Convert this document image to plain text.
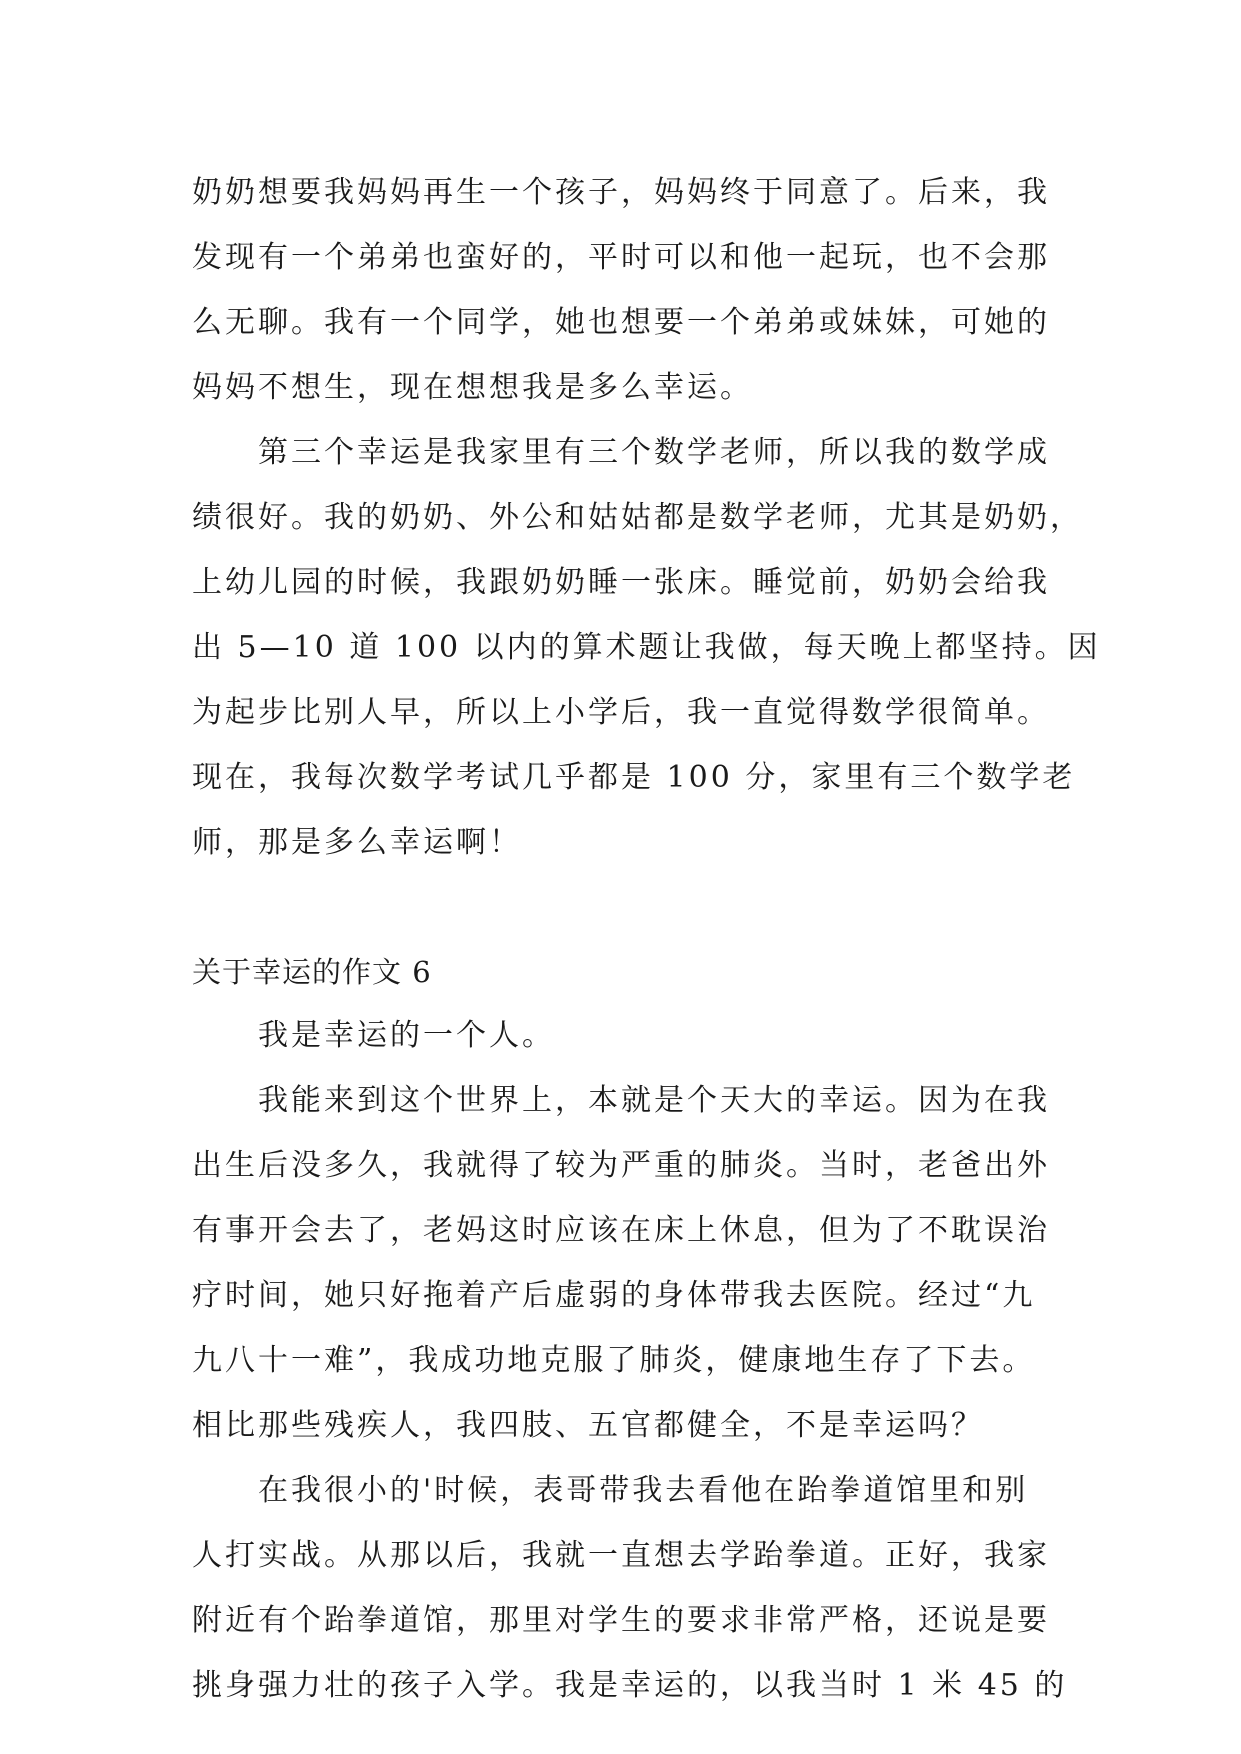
奶奶想要我妈妈再生一个孩子，妈妈终于同意了。后来，我
发现有一个弟弟也蛮好的，平时可以和他一起玩，也不会那
么无聊。我有一个同学，她也想要一个弟弟或妹妹，可她的
妈妈不想生，现在想想我是多么幸运。
第三个幸运是我家里有三个数学老师，所以我的数学成
绩很好。我的奶奶、外公和姑姑都是数学老师，尤其是奶奶，
上幼儿园的时候，我跟奶奶睡一张床。睡觉前，奶奶会给我
出 5—10 道 100 以内的算术题让我做，每天晚上都坚持。因
为起步比别人早，所以上小学后，我一直觉得数学很简单。
现在，我每次数学考试几乎都是 100 分，家里有三个数学老
师，那是多么幸运啊！
关于幸运的作文 6
我是幸运的一个人。
我能来到这个世界上，本就是个天大的幸运。因为在我
出生后没多久，我就得了较为严重的肺炎。当时，老爸出外
有事开会去了，老妈这时应该在床上休息，但为了不耽误治
疗时间，她只好拖着产后虚弱的身体带我去医院。经过“九
九八十一难”，我成功地克服了肺炎，健康地生存了下去。
相比那些残疾人，我四肢、五官都健全，不是幸运吗？
在我很小的'时候，表哥带我去看他在跆拳道馆里和别
人打实战。从那以后，我就一直想去学跆拳道。正好，我家
附近有个跆拳道馆，那里对学生的要求非常严格，还说是要
挑身强力壮的孩子入学。我是幸运的，以我当时 1 米 45 的
